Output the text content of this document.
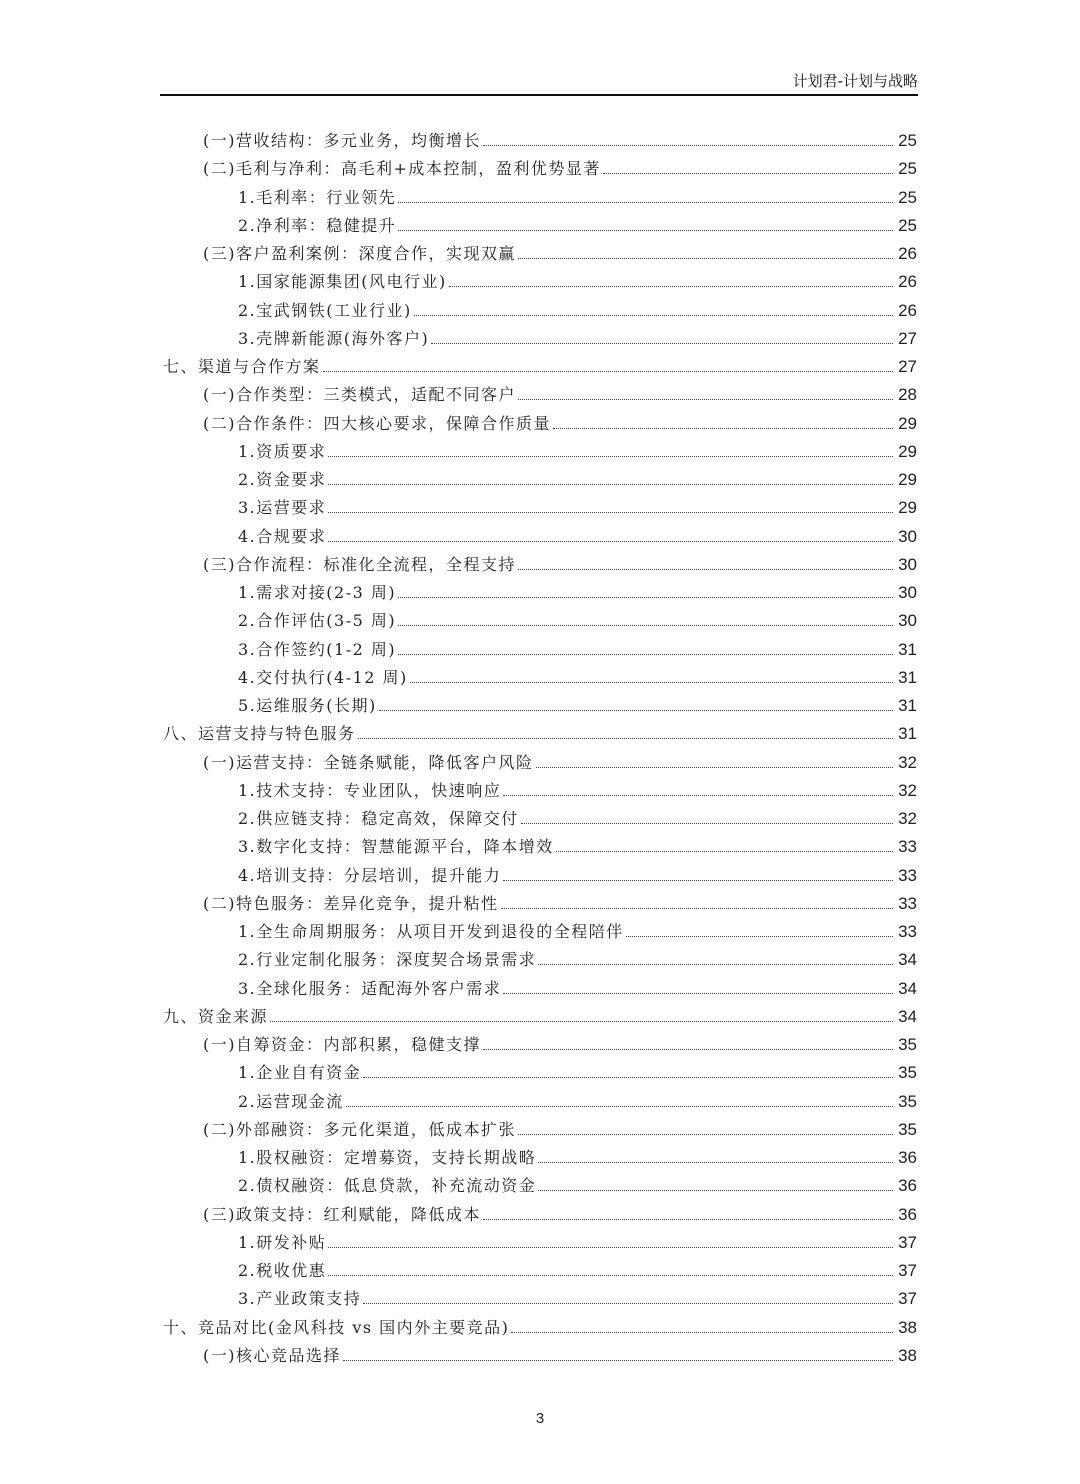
计划君-计划与战略
(一)营收结构：多元业务，均衡增长	25
(二)毛利与净利：高毛利+成本控制，盈利优势显著	25
1.毛利率：行业领先	25
2.净利率：稳健提升	25
(三)客户盈利案例：深度合作，实现双赢	26
1.国家能源集团(风电行业)	26
2.宝武钢铁(工业行业)	26
3.壳牌新能源(海外客户)	27
七、渠道与合作方案	27
(一)合作类型：三类模式，适配不同客户	28
(二)合作条件：四大核心要求，保障合作质量	29
1.资质要求	29
2.资金要求	29
3.运营要求	29
4.合规要求	30
(三)合作流程：标准化全流程，全程支持	30
1.需求对接(2-3 周)	30
2.合作评估(3-5 周)	30
3.合作签约(1-2 周)	31
4.交付执行(4-12 周)	31
5.运维服务(长期)	31
八、运营支持与特色服务	31
(一)运营支持：全链条赋能，降低客户风险	32
1.技术支持：专业团队，快速响应	32
2.供应链支持：稳定高效，保障交付	32
3.数字化支持：智慧能源平台，降本增效	33
4.培训支持：分层培训，提升能力	33
(二)特色服务：差异化竞争，提升粘性	33
1.全生命周期服务：从项目开发到退役的全程陪伴	33
2.行业定制化服务：深度契合场景需求	34
3.全球化服务：适配海外客户需求	34
九、资金来源	34
(一)自筹资金：内部积累，稳健支撑	35
1.企业自有资金	35
2.运营现金流	35
(二)外部融资：多元化渠道，低成本扩张	35
1.股权融资：定增募资，支持长期战略	36
2.债权融资：低息贷款，补充流动资金	36
(三)政策支持：红利赋能，降低成本	36
1.研发补贴	37
2.税收优惠	37
3.产业政策支持	37
十、竞品对比(金风科技 vs 国内外主要竞品)	38
(一)核心竞品选择	38
3
